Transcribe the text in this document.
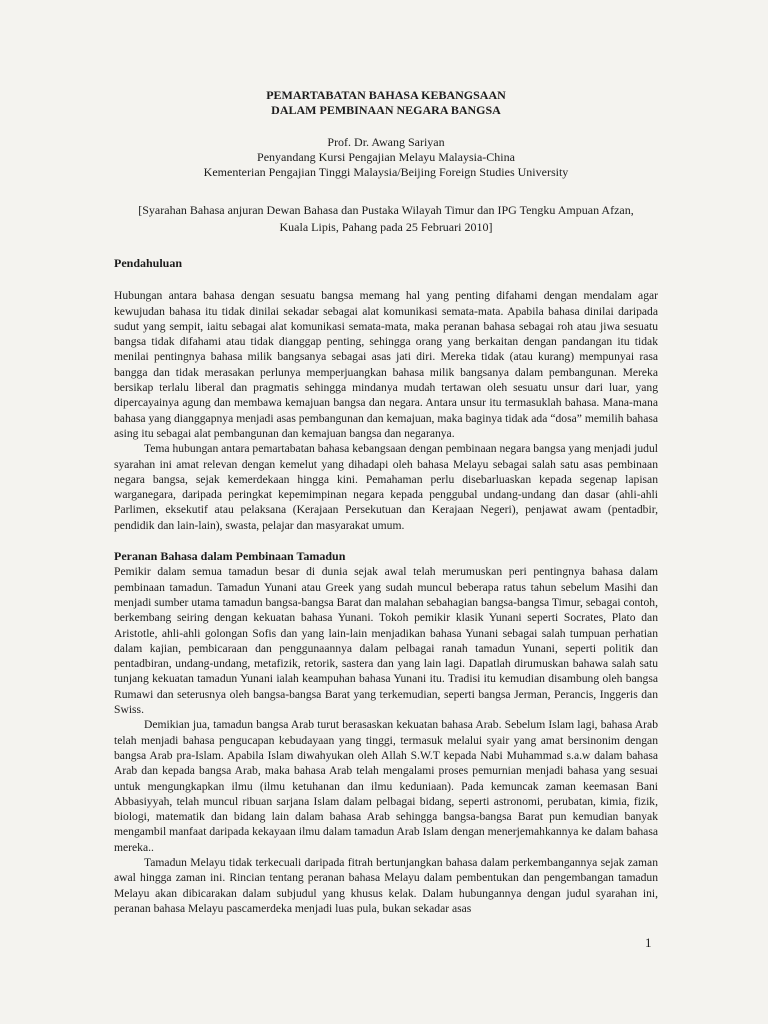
PEMARTABATAN BAHASA KEBANGSAAN
DALAM PEMBINAAN NEGARA BANGSA
Prof. Dr. Awang Sariyan
Penyandang Kursi Pengajian Melayu Malaysia-China
Kementerian Pengajian Tinggi Malaysia/Beijing Foreign Studies University
[Syarahan Bahasa anjuran Dewan Bahasa dan Pustaka Wilayah Timur dan IPG Tengku Ampuan Afzan,
Kuala Lipis, Pahang pada 25 Februari 2010]
Pendahuluan

Hubungan antara bahasa dengan sesuatu bangsa memang hal yang penting difahami dengan mendalam agar kewujudan bahasa itu tidak dinilai sekadar sebagai alat komunikasi semata-mata. Apabila bahasa dinilai daripada sudut yang sempit, iaitu sebagai alat komunikasi semata-mata, maka peranan bahasa sebagai roh atau jiwa sesuatu bangsa tidak difahami atau tidak dianggap penting, sehingga orang yang berkaitan dengan pandangan itu tidak menilai pentingnya bahasa milik bangsanya sebagai asas jati diri. Mereka tidak (atau kurang) mempunyai rasa bangga dan tidak merasakan perlunya memperjuangkan bahasa milik bangsanya dalam pembangunan. Mereka bersikap terlalu liberal dan pragmatis sehingga mindanya mudah tertawan oleh sesuatu unsur dari luar, yang dipercayainya agung dan membawa kemajuan bangsa dan negara. Antara unsur itu termasuklah bahasa. Mana-mana bahasa yang dianggapnya menjadi asas pembangunan dan kemajuan, maka baginya tidak ada “dosa” memilih bahasa asing itu sebagai alat pembangunan dan kemajuan bangsa dan negaranya.

Tema hubungan antara pemartabatan bahasa kebangsaan dengan pembinaan negara bangsa yang menjadi judul syarahan ini amat relevan dengan kemelut yang dihadapi oleh bahasa Melayu sebagai salah satu asas pembinaan negara bangsa, sejak kemerdekaan hingga kini. Pemahaman perlu disebarluaskan kepada segenap lapisan warganegara, daripada peringkat kepemimpinan negara kepada penggubal undang-undang dan dasar (ahli-ahli Parlimen, eksekutif atau pelaksana (Kerajaan Persekutuan dan Kerajaan Negeri), penjawat awam (pentadbir, pendidik dan lain-lain), swasta, pelajar dan masyarakat umum.

Peranan Bahasa dalam Pembinaan Tamadun

Pemikir dalam semua tamadun besar di dunia sejak awal telah merumuskan peri pentingnya bahasa dalam pembinaan tamadun. Tamadun Yunani atau Greek yang sudah muncul beberapa ratus tahun sebelum Masihi dan menjadi sumber utama tamadun bangsa-bangsa Barat dan malahan sebahagian bangsa-bangsa Timur, sebagai contoh, berkembang seiring dengan kekuatan bahasa Yunani. Tokoh pemikir klasik Yunani seperti Socrates, Plato dan Aristotle, ahli-ahli golongan Sofis dan yang lain-lain menjadikan bahasa Yunani sebagai salah tumpuan perhatian dalam kajian, pembicaraan dan penggunaannya dalam pelbagai ranah tamadun Yunani, seperti politik dan pentadbiran, undang-undang, metafizik, retorik, sastera dan yang lain lagi. Dapatlah dirumuskan bahawa salah satu tunjang kekuatan tamadun Yunani ialah keampuhan bahasa Yunani itu. Tradisi itu kemudian disambung oleh bangsa Rumawi dan seterusnya oleh bangsa-bangsa Barat yang terkemudian, seperti bangsa Jerman, Perancis, Inggeris dan Swiss.

Demikian jua, tamadun bangsa Arab turut berasaskan kekuatan bahasa Arab. Sebelum Islam lagi, bahasa Arab telah menjadi bahasa pengucapan kebudayaan yang tinggi, termasuk melalui syair yang amat bersinonim dengan bangsa Arab pra-Islam. Apabila Islam diwahyukan oleh Allah S.W.T kepada Nabi Muhammad s.a.w dalam bahasa Arab dan kepada bangsa Arab, maka bahasa Arab telah mengalami proses pemurnian menjadi bahasa yang sesuai untuk mengungkapkan ilmu (ilmu ketuhanan dan ilmu keduniaan). Pada kemuncak zaman keemasan Bani Abbasiyyah, telah muncul ribuan sarjana Islam dalam pelbagai bidang, seperti astronomi, perubatan, kimia, fizik, biologi, matematik dan bidang lain dalam bahasa Arab sehingga bangsa-bangsa Barat pun kemudian banyak mengambil manfaat daripada kekayaan ilmu dalam tamadun Arab Islam dengan menerjemahkannya ke dalam bahasa mereka..

Tamadun Melayu tidak terkecuali daripada fitrah bertunjangkan bahasa dalam perkembangannya sejak zaman awal hingga zaman ini. Rincian tentang peranan bahasa Melayu dalam pembentukan dan pengembangan tamadun Melayu akan dibicarakan dalam subjudul yang khusus kelak. Dalam hubungannya dengan judul syarahan ini, peranan bahasa Melayu pascamerdeka menjadi luas pula, bukan sekadar asas

1
